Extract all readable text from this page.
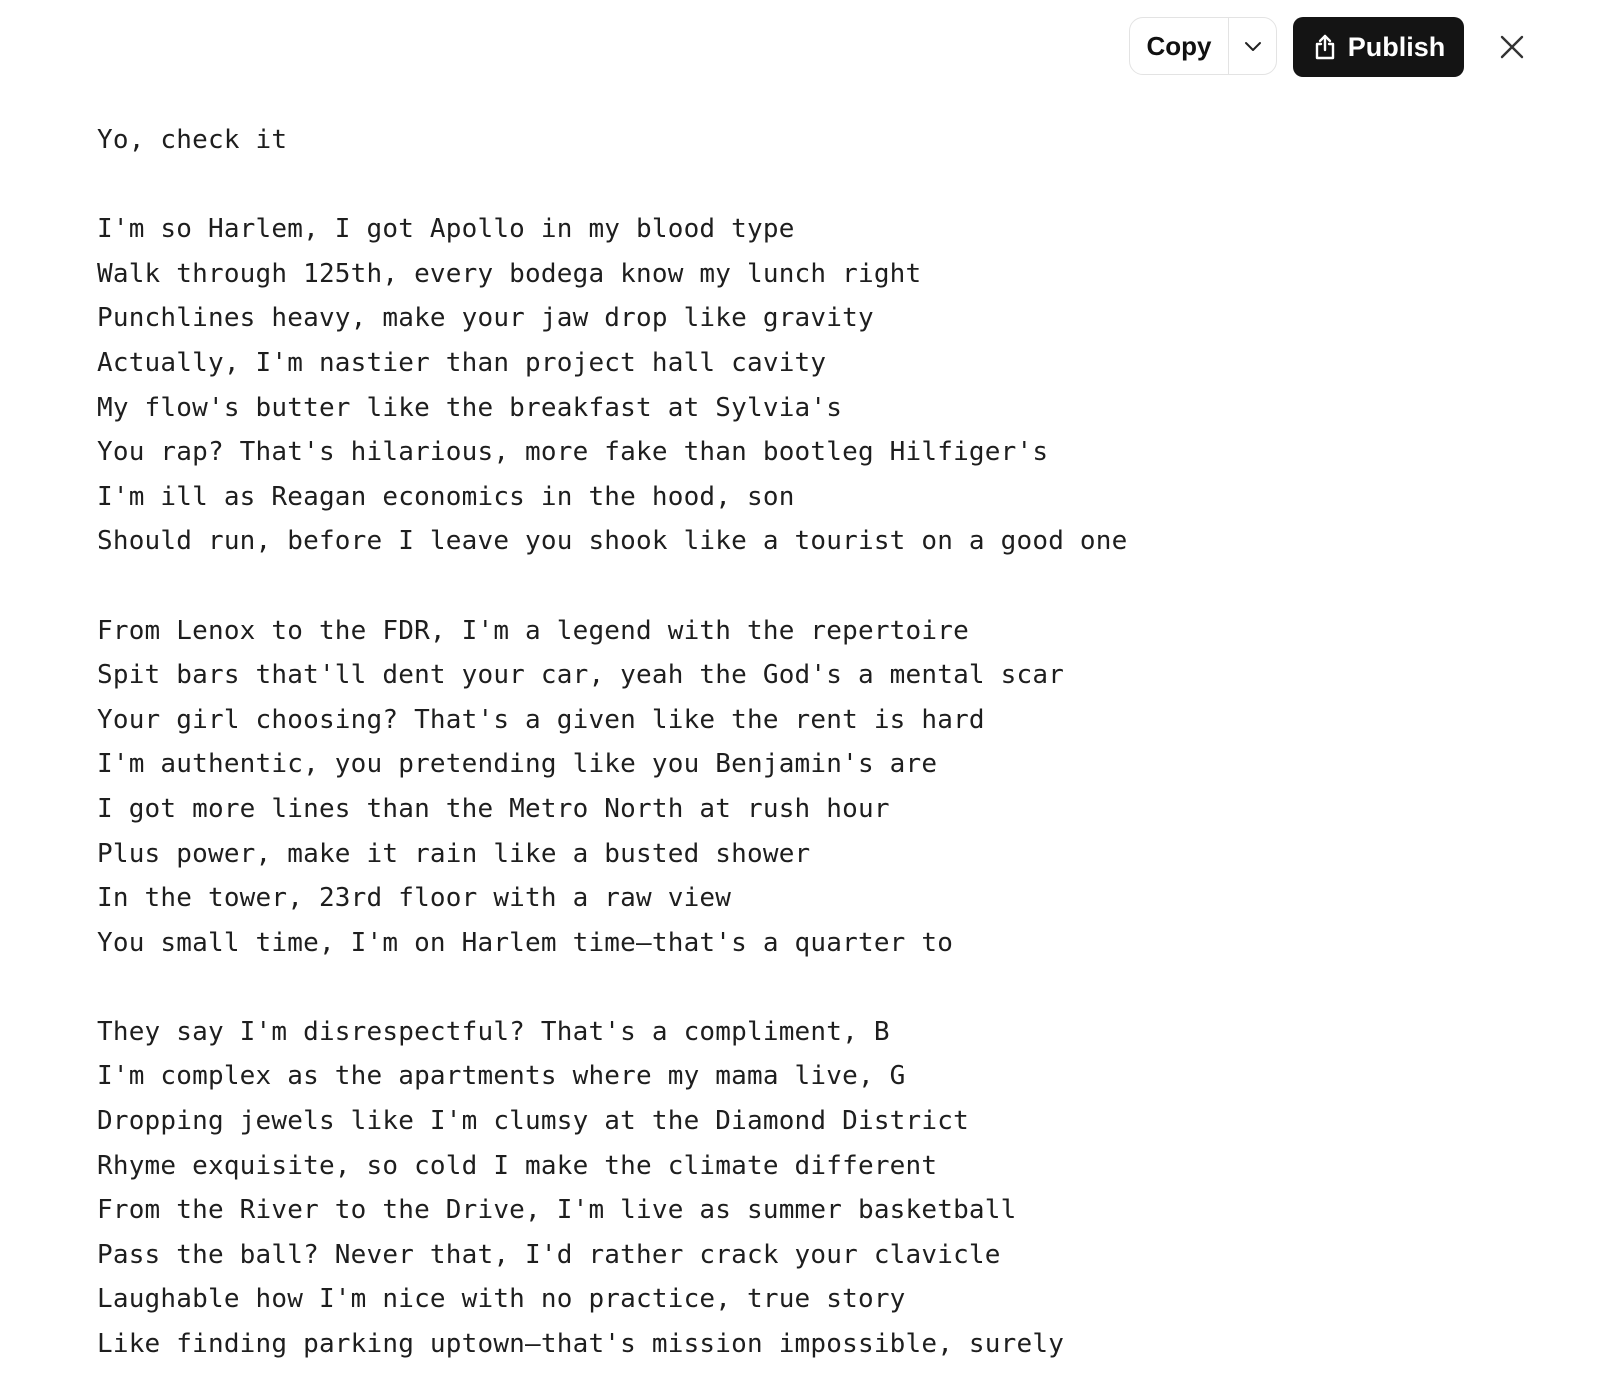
Copy	Publish
Yo, check it
I'm so Harlem, I got Apollo in my blood type
Walk through 125th, every bodega know my lunch right
Punchlines heavy, make your jaw drop like gravity
Actually, I'm nastier than project hall cavity
My flow's butter like the breakfast at Sylvia's
You rap? That's hilarious, more fake than bootleg Hilfiger's
I'm ill as Reagan economics in the hood, son
Should run, before I leave you shook like a tourist on a good one
From Lenox to the FDR, I'm a legend with the repertoire
Spit bars that'll dent your car, yeah the God's a mental scar
Your girl choosing? That's a given like the rent is hard
I'm authentic, you pretending like you Benjamin's are
I got more lines than the Metro North at rush hour
Plus power, make it rain like a busted shower
In the tower, 23rd floor with a raw view
You small time, I'm on Harlem time—that's a quarter to
They say I'm disrespectful? That's a compliment, B
I'm complex as the apartments where my mama live, G
Dropping jewels like I'm clumsy at the Diamond District
Rhyme exquisite, so cold I make the climate different
From the River to the Drive, I'm live as summer basketball
Pass the ball? Never that, I'd rather crack your clavicle
Laughable how I'm nice with no practice, true story
Like finding parking uptown—that's mission impossible, surely
